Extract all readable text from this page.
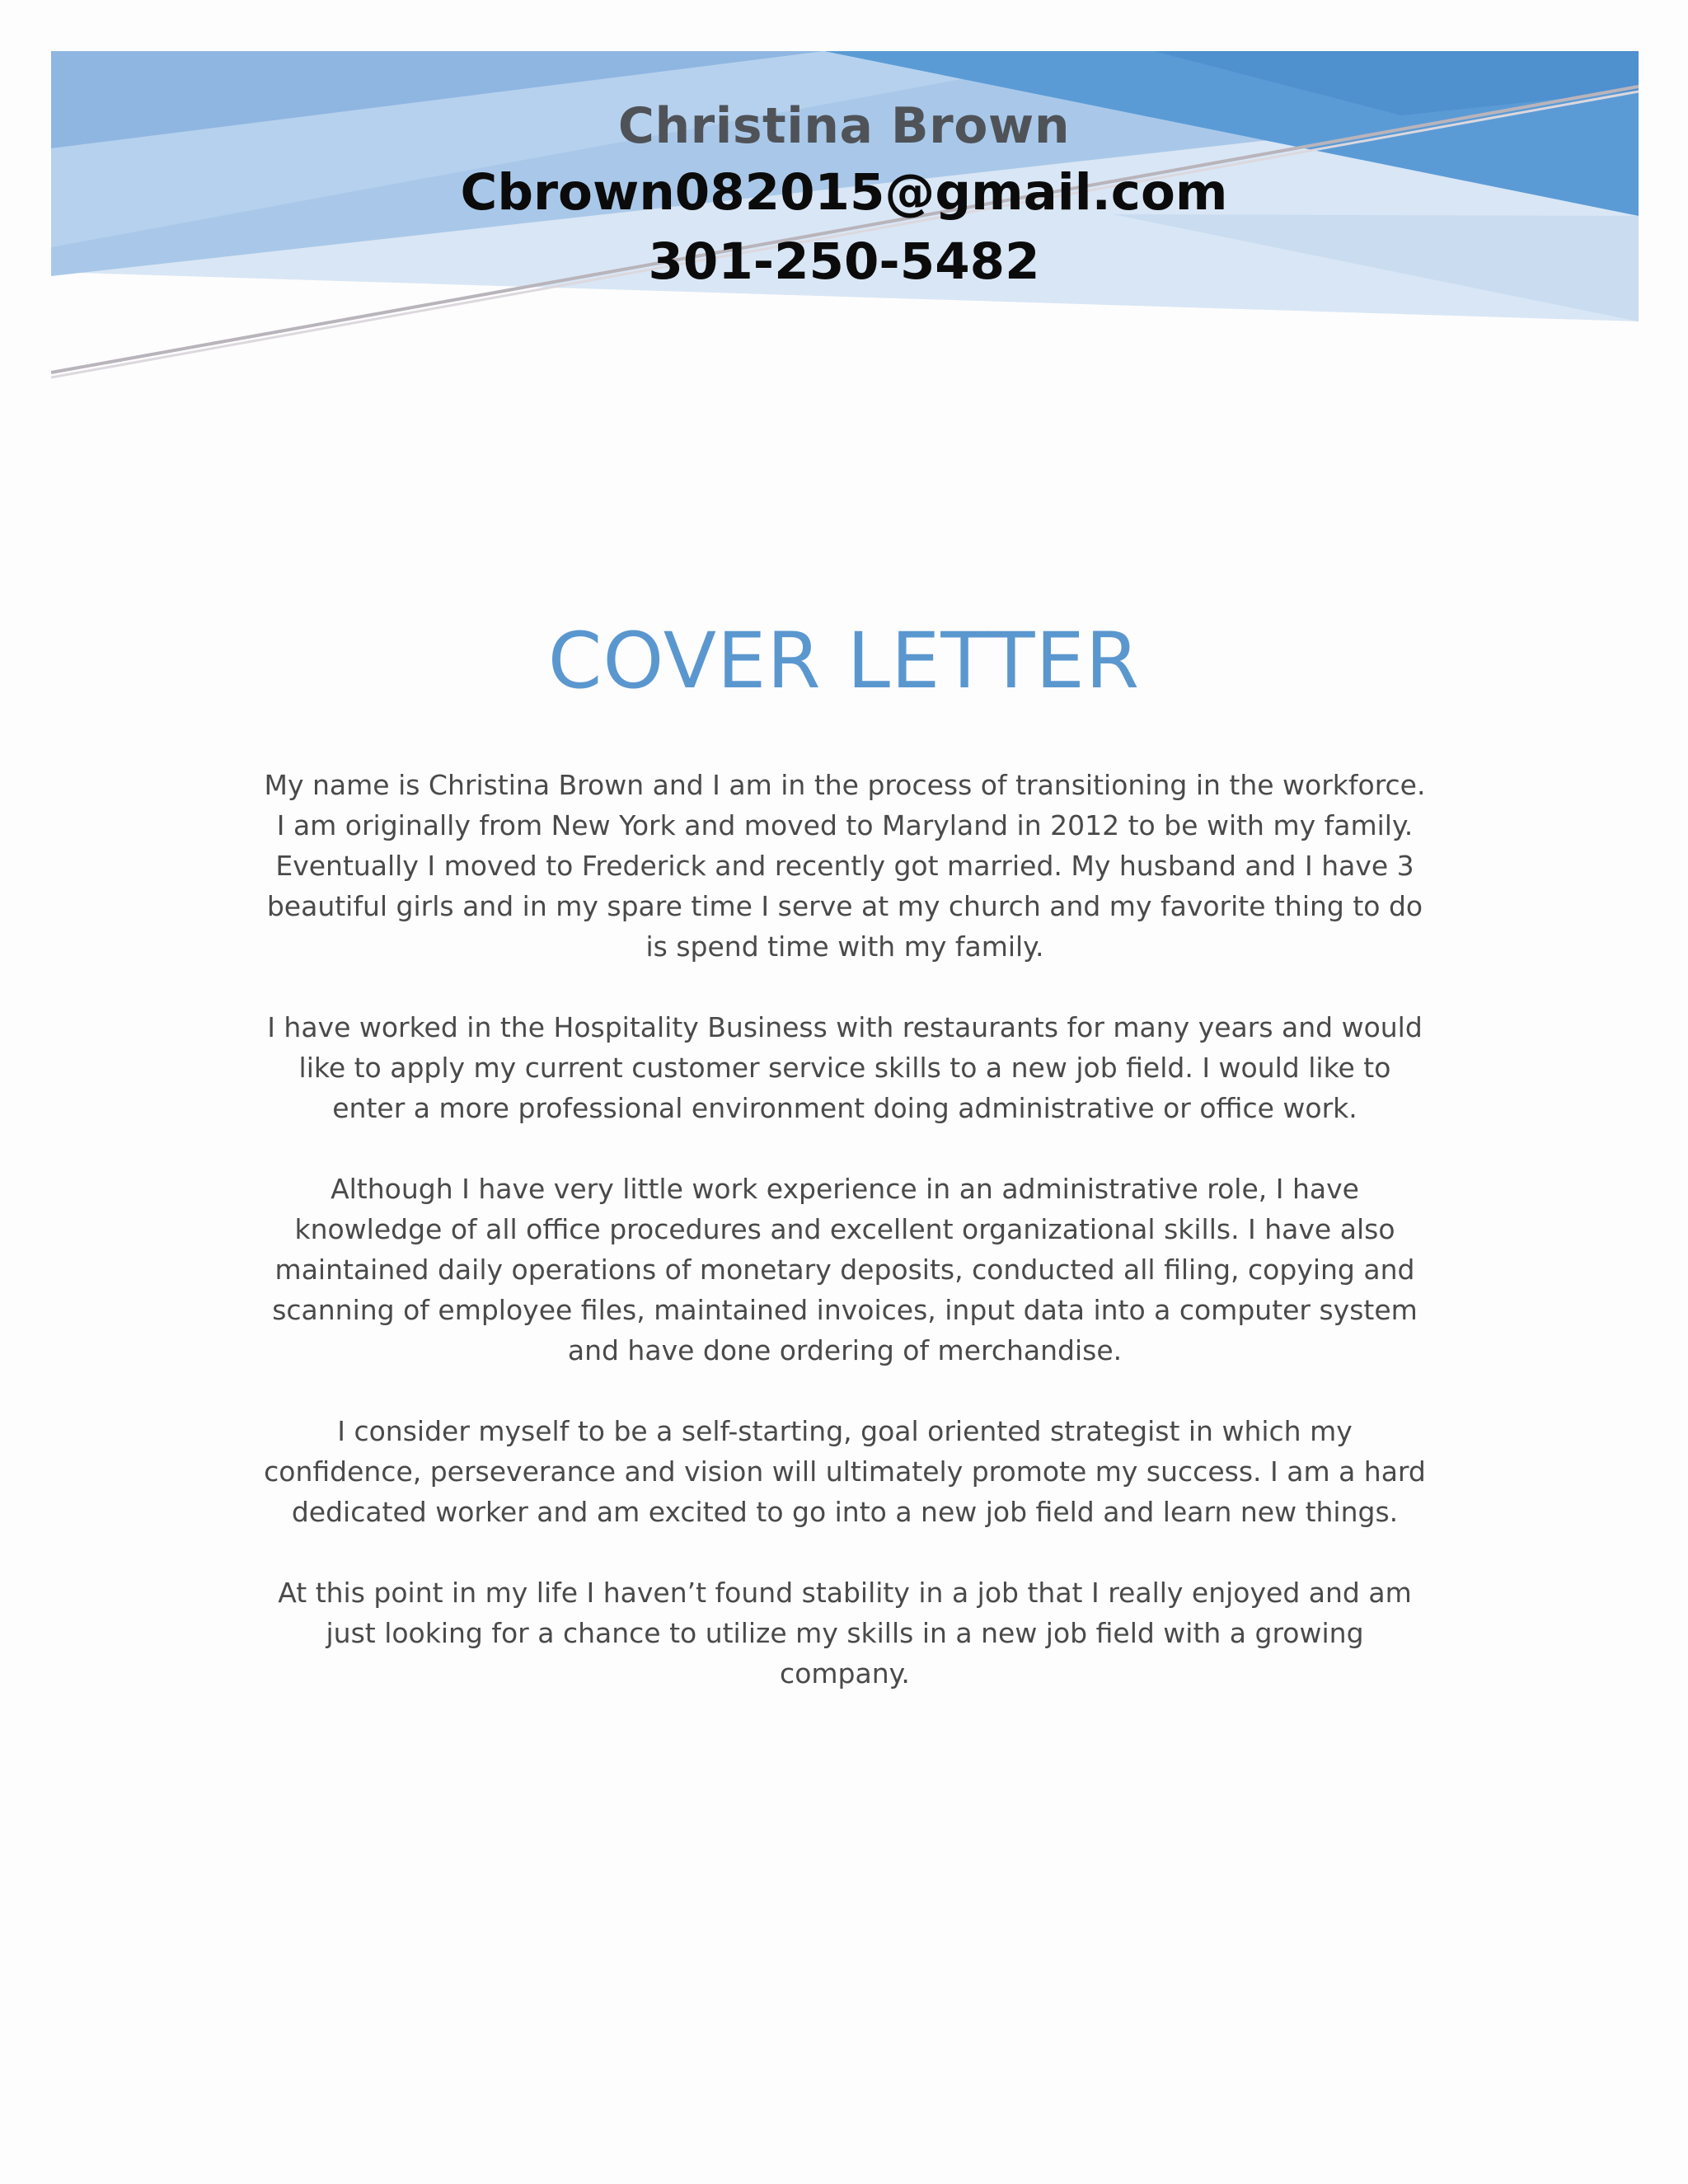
Christina Brown
Cbrown082015@gmail.com
301-250-5482
COVER LETTER

My name is Christina Brown and I am in the process of transitioning in the workforce. I am originally from New York and moved to Maryland in 2012 to be with my family. Eventually I moved to Frederick and recently got married. My husband and I have 3 beautiful girls and in my spare time I serve at my church and my favorite thing to do is spend time with my family.

I have worked in the Hospitality Business with restaurants for many years and would like to apply my current customer service skills to a new job field. I would like to enter a more professional environment doing administrative or office work.

Although I have very little work experience in an administrative role, I have knowledge of all office procedures and excellent organizational skills. I have also maintained daily operations of monetary deposits, conducted all filing, copying and scanning of employee files, maintained invoices, input data into a computer system and have done ordering of merchandise.

I consider myself to be a self-starting, goal oriented strategist in which my confidence, perseverance and vision will ultimately promote my success. I am a hard dedicated worker and am excited to go into a new job field and learn new things.

At this point in my life I haven’t found stability in a job that I really enjoyed and am just looking for a chance to utilize my skills in a new job field with a growing company.
